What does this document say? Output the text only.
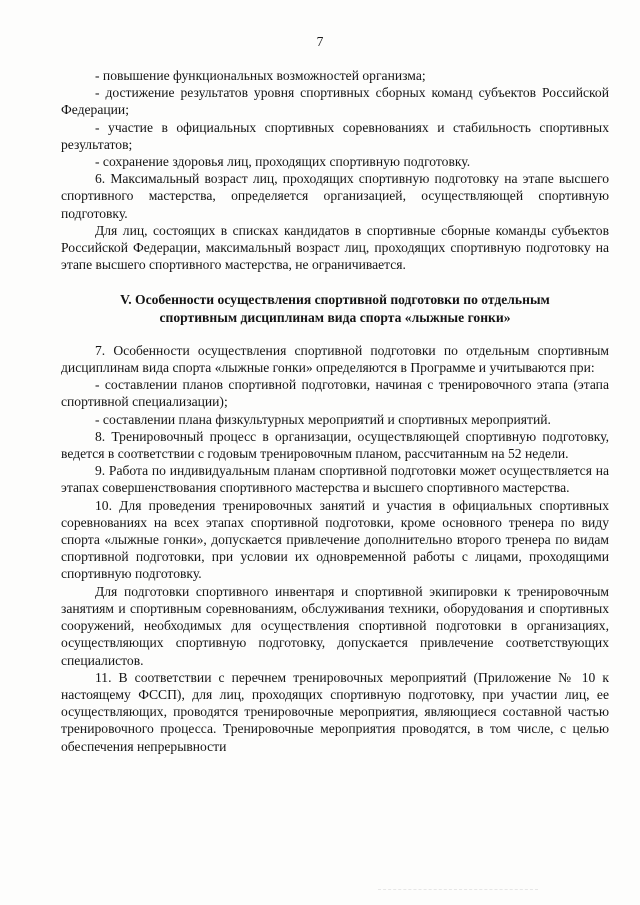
7

- повышение функциональных возможностей организма;

- достижение результатов уровня спортивных сборных команд субъектов Российской Федерации;

- участие в официальных спортивных соревнованиях и стабильность спортивных результатов;

- сохранение здоровья лиц, проходящих спортивную подготовку.

6. Максимальный возраст лиц, проходящих спортивную подготовку на этапе высшего спортивного мастерства, определяется организацией, осуществляющей спортивную подготовку.

Для лиц, состоящих в списках кандидатов в спортивные сборные команды субъектов Российской Федерации, максимальный возраст лиц, проходящих спортивную подготовку на этапе высшего спортивного мастерства, не ограничивается.

V. Особенности осуществления спортивной подготовки по отдельным
спортивным дисциплинам вида спорта «лыжные гонки»

7. Особенности осуществления спортивной подготовки по отдельным спортивным дисциплинам вида спорта «лыжные гонки» определяются в Программе и учитываются при:

- составлении планов спортивной подготовки, начиная с тренировочного этапа (этапа спортивной специализации);

- составлении плана физкультурных мероприятий и спортивных мероприятий.

8. Тренировочный процесс в организации, осуществляющей спортивную подготовку, ведется в соответствии с годовым тренировочным планом, рассчитанным на 52 недели.

9. Работа по индивидуальным планам спортивной подготовки может осуществляется на этапах совершенствования спортивного мастерства и высшего спортивного мастерства.

10. Для проведения тренировочных занятий и участия в официальных спортивных соревнованиях на всех этапах спортивной подготовки, кроме основного тренера по виду спорта «лыжные гонки», допускается привлечение дополнительно второго тренера по видам спортивной подготовки, при условии их одновременной работы с лицами, проходящими спортивную подготовку.

Для подготовки спортивного инвентаря и спортивной экипировки к тренировочным занятиям и спортивным соревнованиям, обслуживания техники, оборудования и спортивных сооружений, необходимых для осуществления спортивной подготовки в организациях, осуществляющих спортивную подготовку, допускается привлечение соответствующих специалистов.

11. В соответствии с перечнем тренировочных мероприятий (Приложение № 10 к настоящему ФССП), для лиц, проходящих спортивную подготовку, при участии лиц, ее осуществляющих, проводятся тренировочные мероприятия, являющиеся составной частью тренировочного процесса. Тренировочные мероприятия проводятся, в том числе, с целью обеспечения непрерывности
